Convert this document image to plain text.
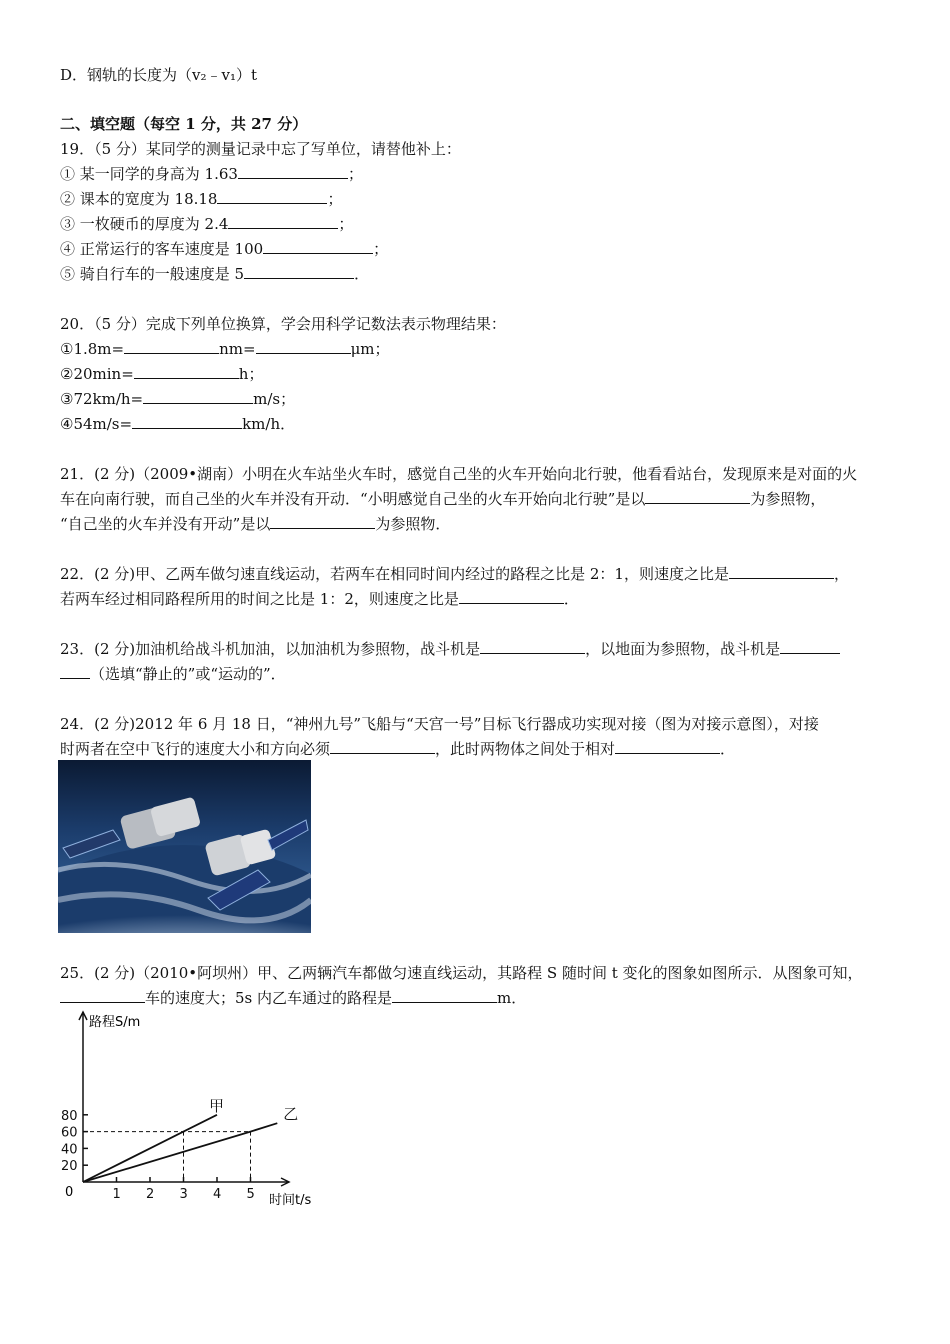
D．钢轨的长度为（v₂﹣v₁）t
二、填空题（每空 1 分，共 27 分）
19．（5 分）某同学的测量记录中忘了写单位，请替他补上：
① 某一同学的身高为 1.63	；
② 课本的宽度为 18.18	；
③ 一枚硬币的厚度为 2.4	；
④ 正常运行的客车速度是 100	；
⑤ 骑自行车的一般速度是 5	．
20．（5 分）完成下列单位换算，学会用科学记数法表示物理结果：
①1.8m=	nm=	μm；
②20min=	h；
③72km/h=	m/s；
④54m/s=	km/h．
21．(2 分)（2009•湖南）小明在火车站坐火车时，感觉自己坐的火车开始向北行驶，他看看站台，发现原来是对面的火
车在向南行驶，而自己坐的火车并没有开动．“小明感觉自己坐的火车开始向北行驶”是以	为参照物，
“自己坐的火车并没有开动”是以	为参照物．
22．(2 分)甲、乙两车做匀速直线运动，若两车在相同时间内经过的路程之比是 2：1，则速度之比是	，
若两车经过相同路程所用的时间之比是 1：2，则速度之比是	．
23．(2 分)加油机给战斗机加油，以加油机为参照物，战斗机是	，以地面为参照物，战斗机是
（选填“静止的”或“运动的”．
24．(2 分)2012 年 6 月 18 日，“神州九号”飞船与“天宫一号”目标飞行器成功实现对接（图为对接示意图），对接
时两者在空中飞行的速度大小和方向必须	，此时两物体之间处于相对	．
25．(2 分)（2010•阿坝州）甲、乙两辆汽车都做匀速直线运动，其路程 S 随时间 t 变化的图象如图所示．从图象可知，
车的速度大；5s 内乙车通过的路程是	m．
20
40
60
80
1 2 3 4 5
甲	乙
路程S/m
时间t/s
0
